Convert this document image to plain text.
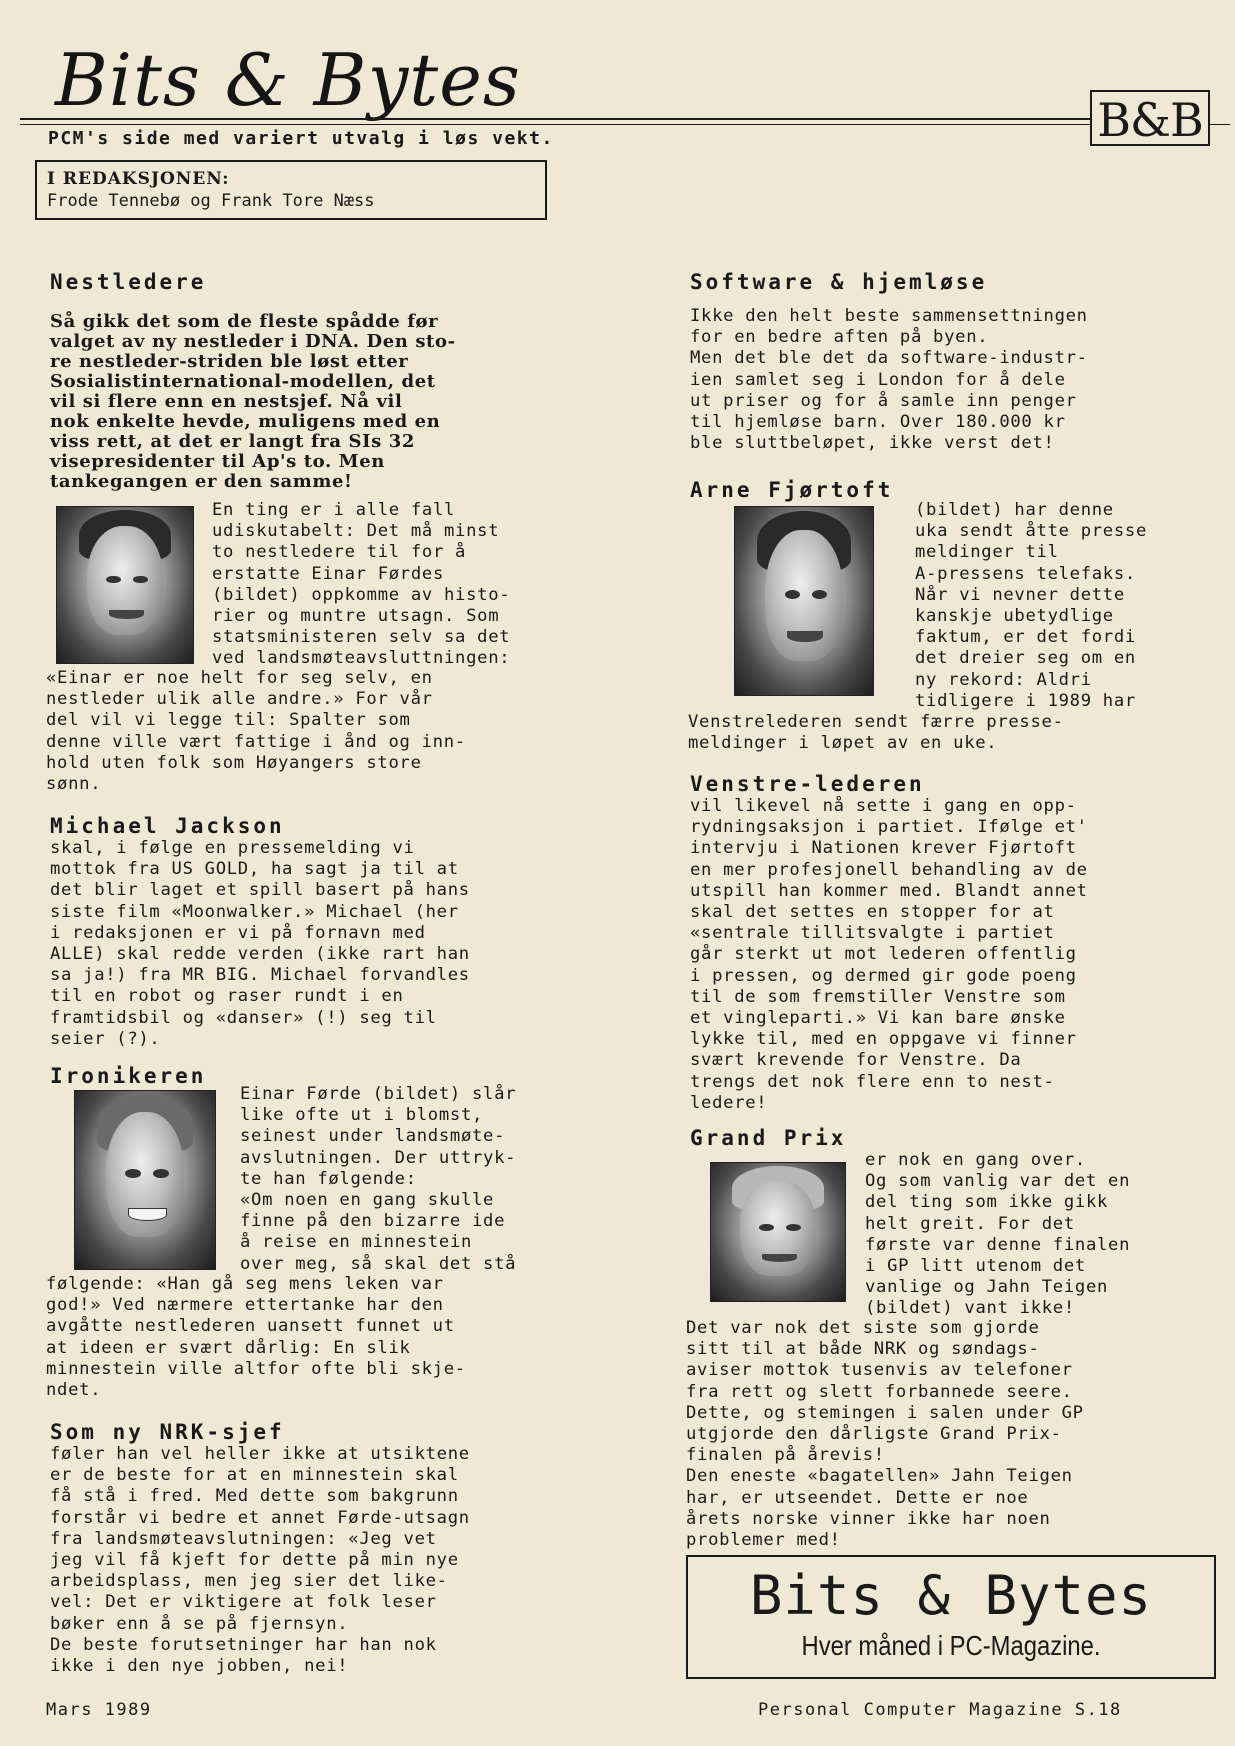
Bits & Bytes
PCM's side med variert utvalg i løs vekt.	B&B
I REDAKSJONEN:
Frode Tennebø og Frank Tore Næss
Nestledere

Så gikk det som de fleste spådde før
valget av ny nestleder i DNA. Den sto-
re nestleder-striden ble løst etter
Sosialistinternational-modellen, det
vil si flere enn en nestsjef. Nå vil
nok enkelte hevde, muligens med en
viss rett, at det er langt fra SIs 32
visepresidenter til Ap's to. Men
tankegangen er den samme!

En ting er i alle fall
udiskutabelt: Det må minst
to nestledere til for å
erstatte Einar Førdes
(bildet) oppkomme av histo-
rier og muntre utsagn. Som
statsministeren selv sa det
ved landsmøteavsluttningen:

«Einar er noe helt for seg selv, en
nestleder ulik alle andre.» For vår
del vil vi legge til: Spalter som
denne ville vært fattige i ånd og inn-
hold uten folk som Høyangers store
sønn.

Michael Jackson

skal, i følge en pressemelding vi
mottok fra US GOLD, ha sagt ja til at
det blir laget et spill basert på hans
siste film «Moonwalker.» Michael (her
i redaksjonen er vi på fornavn med
ALLE) skal redde verden (ikke rart han
sa ja!) fra MR BIG. Michael forvandles
til en robot og raser rundt i en
framtidsbil og «danser» (!) seg til
seier (?).

Ironikeren

Einar Førde (bildet) slår
like ofte ut i blomst,
seinest under landsmøte-
avslutningen. Der uttryk-
te han følgende:
«Om noen en gang skulle
finne på den bizarre ide
å reise en minnestein
over meg, så skal det stå

følgende: «Han gå seg mens leken var
god!» Ved nærmere ettertanke har den
avgåtte nestlederen uansett funnet ut
at ideen er svært dårlig: En slik
minnestein ville altfor ofte bli skje-
ndet.

Som ny NRK-sjef

føler han vel heller ikke at utsiktene
er de beste for at en minnestein skal
få stå i fred. Med dette som bakgrunn
forstår vi bedre et annet Førde-utsagn
fra landsmøteavslutningen: «Jeg vet
jeg vil få kjeft for dette på min nye
arbeidsplass, men jeg sier det like-
vel: Det er viktigere at folk leser
bøker enn å se på fjernsyn.
De beste forutsetninger har han nok
ikke i den nye jobben, nei!

Software & hjemløse

Ikke den helt beste sammensettningen
for en bedre aften på byen.
Men det ble det da software-industr-
ien samlet seg i London for å dele
ut priser og for å samle inn penger
til hjemløse barn. Over 180.000 kr
ble sluttbeløpet, ikke verst det!

Arne Fjørtoft

(bildet) har denne
uka sendt åtte presse
meldinger til
A-pressens telefaks.
Når vi nevner dette
kanskje ubetydlige
faktum, er det fordi
det dreier seg om en
ny rekord: Aldri
tidligere i 1989 har

Venstrelederen sendt færre presse-
meldinger i løpet av en uke.

Venstre-lederen

vil likevel nå sette i gang en opp-
rydningsaksjon i partiet. Ifølge et'
intervju i Nationen krever Fjørtoft
en mer profesjonell behandling av de
utspill han kommer med. Blandt annet
skal det settes en stopper for at
«sentrale tillitsvalgte i partiet
går sterkt ut mot lederen offentlig
i pressen, og dermed gir gode poeng
til de som fremstiller Venstre som
et vingleparti.» Vi kan bare ønske
lykke til, med en oppgave vi finner
svært krevende for Venstre. Da
trengs det nok flere enn to nest-
ledere!

Grand Prix

er nok en gang over.
Og som vanlig var det en
del ting som ikke gikk
helt greit. For det
første var denne finalen
i GP litt utenom det
vanlige og Jahn Teigen
(bildet) vant ikke!

Det var nok det siste som gjorde
sitt til at både NRK og søndags-
aviser mottok tusenvis av telefoner
fra rett og slett forbannede seere.
Dette, og stemingen i salen under GP
utgjorde den dårligste Grand Prix-
finalen på årevis!
Den eneste «bagatellen» Jahn Teigen
har, er utseendet. Dette er noe
årets norske vinner ikke har noen
problemer med!

Bits & Bytes
Hver måned i PC-Magazine.
Mars 1989	Personal Computer Magazine S.18
